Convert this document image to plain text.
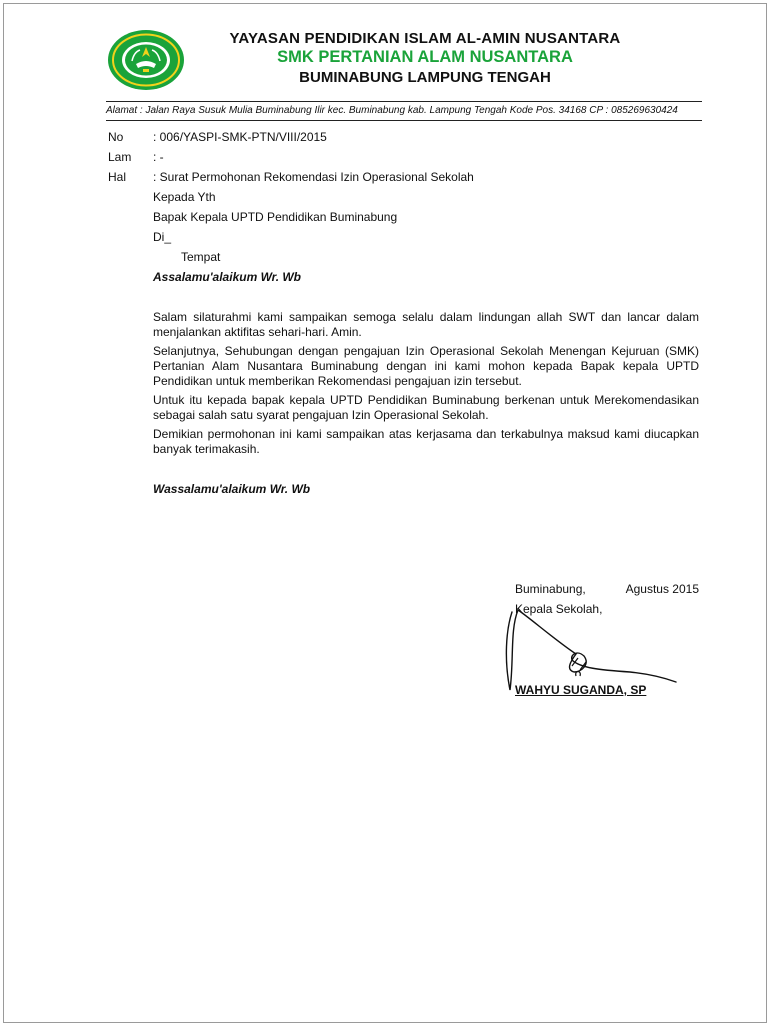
YAYASAN PENDIDIKAN ISLAM AL-AMIN NUSANTARA
SMK PERTANIAN ALAM NUSANTARA
BUMINABUNG LAMPUNG TENGAH
Alamat : Jalan Raya Susuk Mulia Buminabung Ilir kec. Buminabung kab. Lampung Tengah Kode Pos. 34168 CP : 085269630424
No : 006/YASPI-SMK-PTN/VIII/2015
Lam : -
Hal : Surat Permohonan Rekomendasi Izin Operasional Sekolah
Kepada Yth
Bapak Kepala UPTD Pendidikan Buminabung
Di_
Tempat
Assalamu'alaikum Wr. Wb
Salam silaturahmi kami sampaikan semoga selalu dalam lindungan allah SWT dan lancar dalam menjalankan aktifitas sehari-hari. Amin.
Selanjutnya, Sehubungan dengan pengajuan Izin Operasional Sekolah Menengan Kejuruan (SMK) Pertanian Alam Nusantara Buminabung dengan ini kami mohon kepada Bapak kepala UPTD Pendidikan untuk memberikan Rekomendasi pengajuan izin tersebut.
Untuk itu kepada bapak kepala UPTD Pendidikan Buminabung berkenan untuk Merekomendasikan sebagai salah satu syarat pengajuan Izin Operasional Sekolah.
Demikian permohonan ini kami sampaikan atas kerjasama dan terkabulnya maksud kami diucapkan banyak terimakasih.
Wassalamu'alaikum Wr. Wb
Buminabung,	Agustus 2015
Kepala Sekolah,
WAHYU SUGANDA, SP
